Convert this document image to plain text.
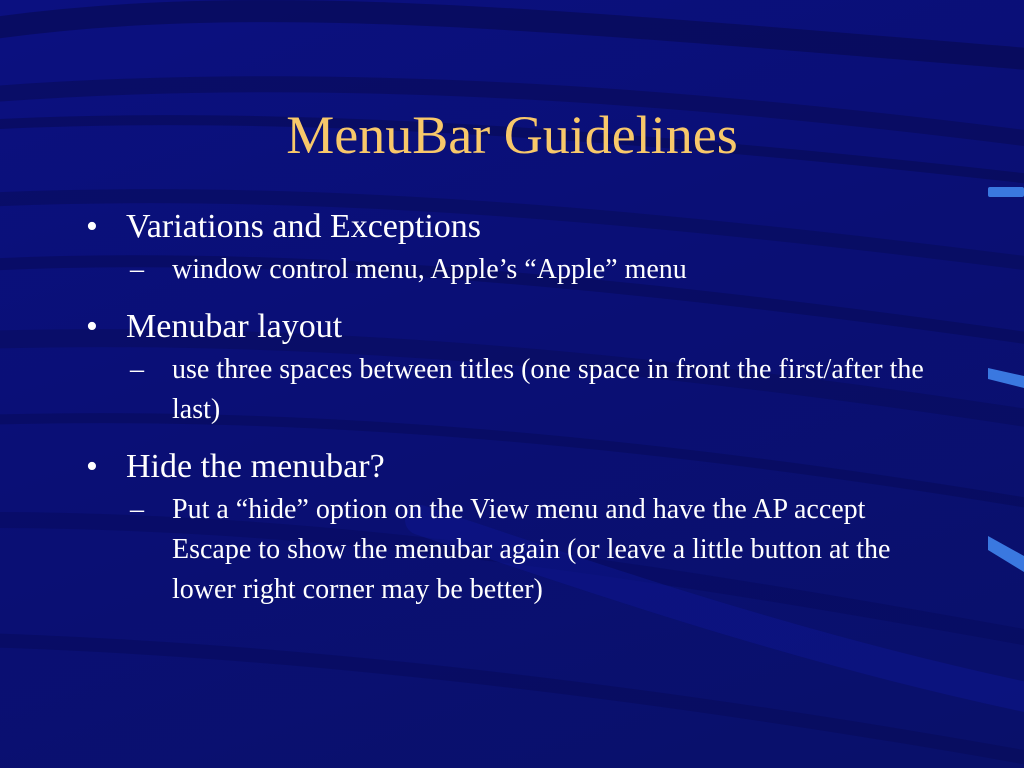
MenuBar Guidelines
• Variations and Exceptions
– window control menu, Apple’s “Apple” menu
• Menubar layout
– use three spaces between titles (one space in front the first/after the last)
• Hide the menubar?
– Put a “hide” option on the View menu and have the AP accept Escape to show the menubar again (or leave a little button at the lower right corner may be better)
